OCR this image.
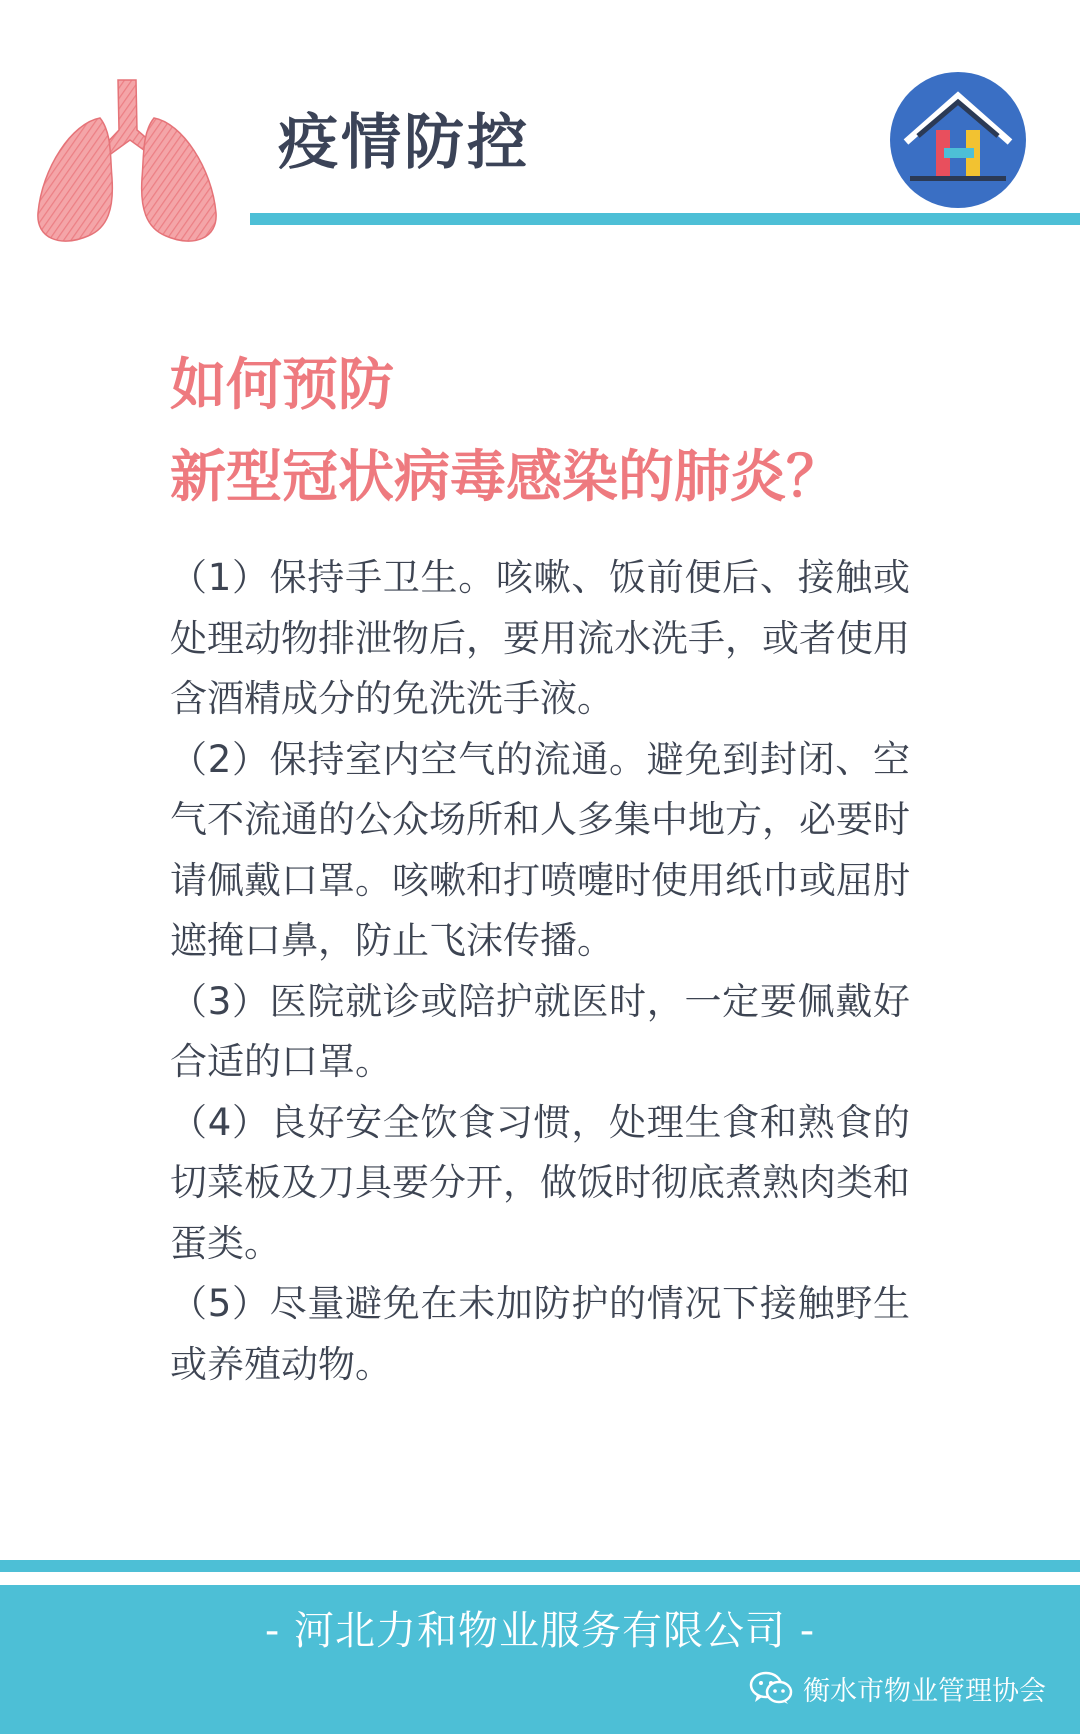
疫情防控
如何预防
新型冠状病毒感染的肺炎？

（1）保持手卫生。咳嗽、饭前便后、接触或处理动物排泄物后，要用流水洗手，或者使用含酒精成分的免洗洗手液。

（2）保持室内空气的流通。避免到封闭、空气不流通的公众场所和人多集中地方，必要时请佩戴口罩。咳嗽和打喷嚏时使用纸巾或屈肘遮掩口鼻，防止飞沫传播。

（3）医院就诊或陪护就医时，一定要佩戴好合适的口罩。

（4）良好安全饮食习惯，处理生食和熟食的切菜板及刀具要分开，做饭时彻底煮熟肉类和蛋类。

（5）尽量避免在未加防护的情况下接触野生或养殖动物。

- 河北力和物业服务有限公司 -
衡水市物业管理协会
